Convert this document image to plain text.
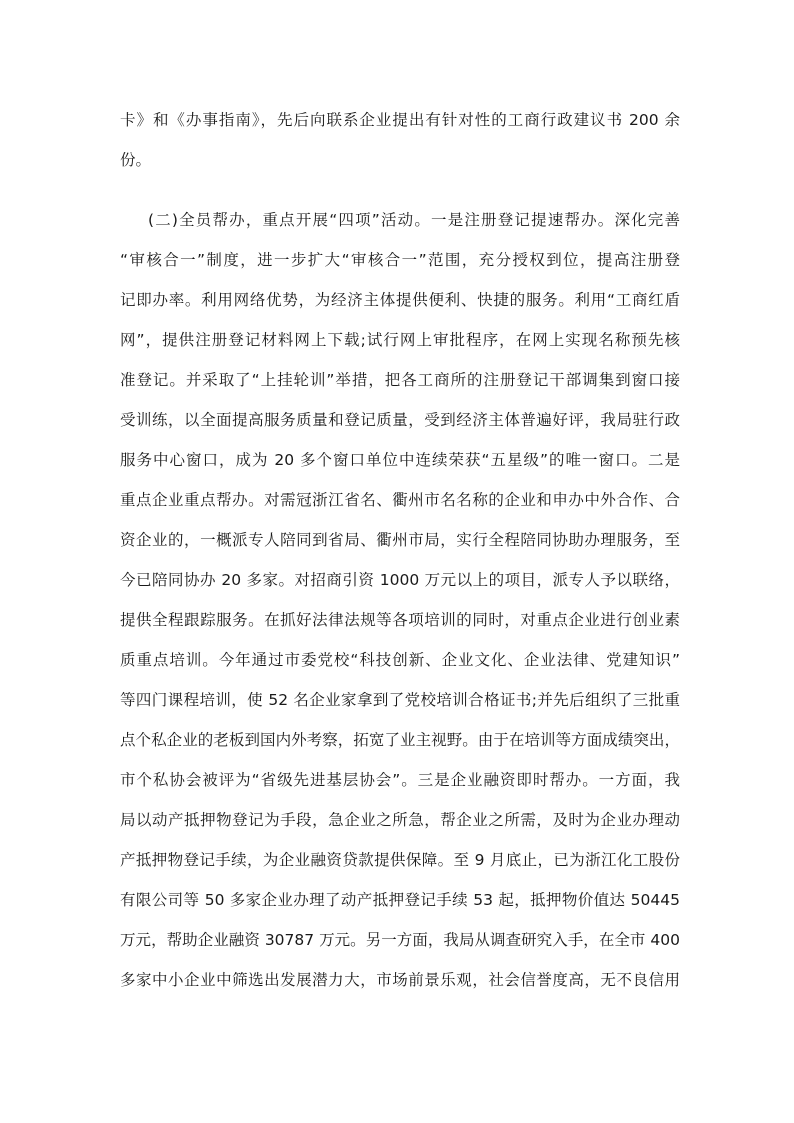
卡》和《办事指南》，先后向联系企业提出有针对性的工商行政建议书 200 余
份。
(二)全员帮办，重点开展“四项”活动。一是注册登记提速帮办。深化完善
“审核合一”制度，进一步扩大“审核合一”范围，充分授权到位，提高注册登
记即办率。利用网络优势，为经济主体提供便利、快捷的服务。利用“工商红盾
网”，提供注册登记材料网上下载;试行网上审批程序，在网上实现名称预先核
准登记。并采取了“上挂轮训”举措，把各工商所的注册登记干部调集到窗口接
受训练，以全面提高服务质量和登记质量，受到经济主体普遍好评，我局驻行政
服务中心窗口，成为 20 多个窗口单位中连续荣获“五星级”的唯一窗口。二是
重点企业重点帮办。对需冠浙江省名、衢州市名名称的企业和申办中外合作、合
资企业的，一概派专人陪同到省局、衢州市局，实行全程陪同协助办理服务，至
今已陪同协办 20 多家。对招商引资 1000 万元以上的项目，派专人予以联络，
提供全程跟踪服务。在抓好法律法规等各项培训的同时，对重点企业进行创业素
质重点培训。今年通过市委党校“科技创新、企业文化、企业法律、党建知识”
等四门课程培训，使 52 名企业家拿到了党校培训合格证书;并先后组织了三批重
点个私企业的老板到国内外考察，拓宽了业主视野。由于在培训等方面成绩突出，
市个私协会被评为“省级先进基层协会”。三是企业融资即时帮办。一方面，我
局以动产抵押物登记为手段，急企业之所急，帮企业之所需，及时为企业办理动
产抵押物登记手续，为企业融资贷款提供保障。至 9 月底止，已为浙江化工股份
有限公司等 50 多家企业办理了动产抵押登记手续 53 起，抵押物价值达 50445
万元，帮助企业融资 30787 万元。另一方面，我局从调查研究入手，在全市 400
多家中小企业中筛选出发展潜力大，市场前景乐观，社会信誉度高，无不良信用
